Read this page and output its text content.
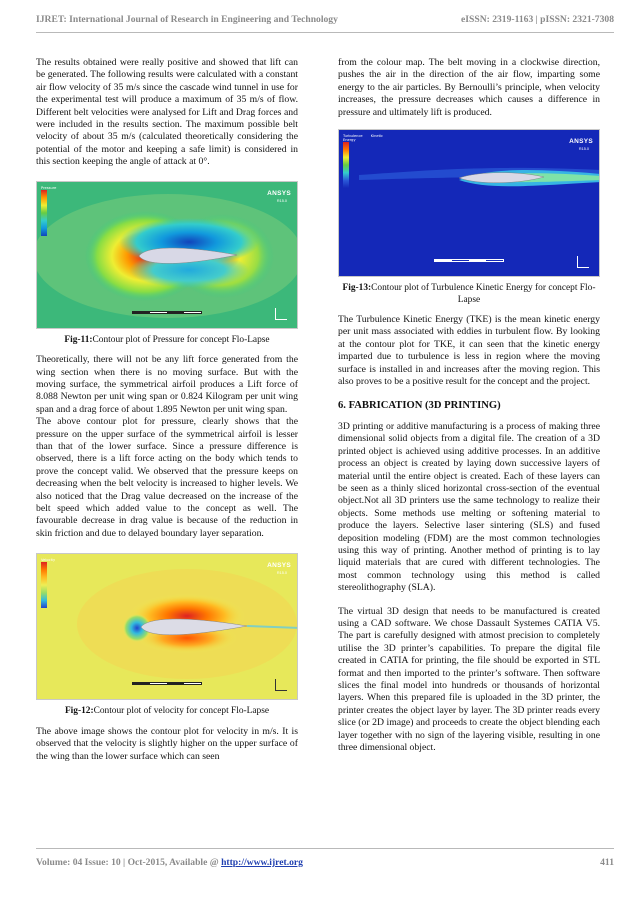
IJRET: International Journal of Research in Engineering and Technology	eISSN: 2319-1163 | pISSN: 2321-7308

The results obtained were really positive and showed that lift can be generated. The following results were calculated with a constant air flow velocity of 35 m/s since the cascade wind tunnel in use for the experimental test will produce a maximum of 35 m/s of flow. Different belt velocities were analysed for Lift and Drag forces and were included in the results section. The maximum possible belt velocity of about 35 m/s (calculated theoretically considering the potential of the motor and keeping a safe limit) is considered in this section keeping the angle of attack at 0°.

Pressure
ANSYS
R15.0
Fig-11:Contour plot of Pressure for concept Flo-Lapse

Theoretically, there will not be any lift force generated from the wing section when there is no moving surface. But with the moving surface, the symmetrical airfoil produces a Lift force of 8.088 Newton per unit wing span or 0.824 Kilogram per unit wing span and a drag force of about 1.895 Newton per unit wing span.

The above contour plot for pressure, clearly shows that the pressure on the upper surface of the symmetrical airfoil is lesser than that of the lower surface. Since a pressure difference is observed, there is a lift force acting on the body which tends to prove the concept valid. We observed that the pressure keeps on decreasing when the belt velocity is increased to higher levels. We also noticed that the Drag value decreased on the increase of the belt speed which added value to the concept as well. The favourable decrease in drag value is because of the reduction in skin friction and due to delayed boundary layer separation.

Velocity
ANSYS
R15.0
Fig-12:Contour plot of velocity for concept Flo-Lapse

The above image shows the contour plot for velocity in m/s. It is observed that the velocity is slightly higher on the upper surface of the wing than the lower surface which can seen

from the colour map. The belt moving in a clockwise direction, pushes the air in the direction of the air flow, imparting some energy to the air particles. By Bernoulli’s principle, when velocity increases, the pressure decreases which causes a difference in pressure and ultimately lift is produced.

Turbulence Kinetic Energy	ANSYS
R15.0
Fig-13:Contour plot of Turbulence Kinetic Energy for concept Flo-Lapse

The Turbulence Kinetic Energy (TKE) is the mean kinetic energy per unit mass associated with eddies in turbulent flow. By looking at the contour plot for TKE, it can seen that the kinetic energy imparted due to turbulence is less in region where the moving surface is installed in and increases after the moving region. This also proves to be a positive result for the concept and the project.

6. FABRICATION (3D PRINTING)

3D printing or additive manufacturing is a process of making three dimensional solid objects from a digital file. The creation of a 3D printed object is achieved using additive processes. In an additive process an object is created by laying down successive layers of material until the entire object is created. Each of these layers can be seen as a thinly sliced horizontal cross-section of the eventual object.Not all 3D printers use the same technology to realize their objects. Some methods use melting or softening material to produce the layers. Selective laser sintering (SLS) and fused deposition modeling (FDM) are the most common technologies using this way of printing. Another method of printing is to lay liquid materials that are cured with different technologies. The most common technology using this method is called stereolithography (SLA).

The virtual 3D design that needs to be manufactured is created using a CAD software. We chose Dassault Systemes CATIA V5. The part is carefully designed with atmost precision to completely utilise the 3D printer’s capabilities. To prepare the digital file created in CATIA for printing, the file should be exported in STL format and then imported to the printer’s software. Then software slices the final model into hundreds or thousands of horizontal layers. When this prepared file is uploaded in the 3D printer, the printer creates the object layer by layer. The 3D printer reads every slice (or 2D image) and proceeds to create the object blending each layer together with no sign of the layering visible, resulting in one three dimensional object.

Volume: 04 Issue: 10 | Oct-2015, Available @ http://www.ijret.org	411
